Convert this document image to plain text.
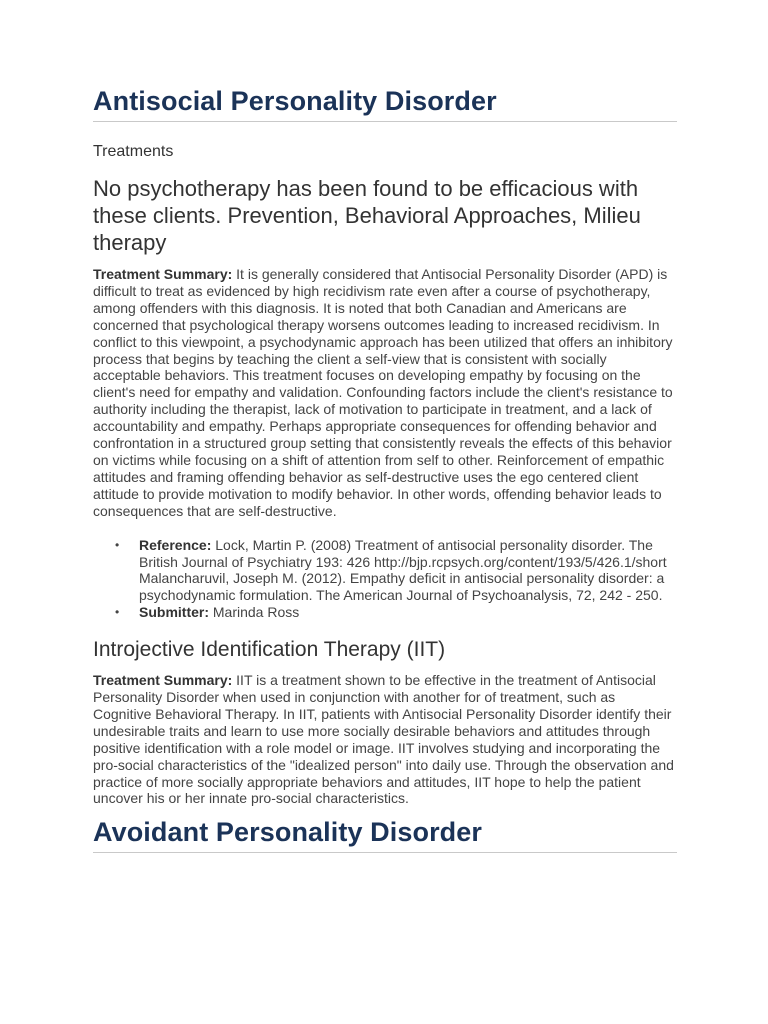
Antisocial Personality Disorder
Treatments
No psychotherapy has been found to be efficacious with these clients. Prevention, Behavioral Approaches, Milieu therapy

Treatment Summary: It is generally considered that Antisocial Personality Disorder (APD) is difficult to treat as evidenced by high recidivism rate even after a course of psychotherapy, among offenders with this diagnosis. It is noted that both Canadian and Americans are concerned that psychological therapy worsens outcomes leading to increased recidivism. In conflict to this viewpoint, a psychodynamic approach has been utilized that offers an inhibitory process that begins by teaching the client a self-view that is consistent with socially acceptable behaviors. This treatment focuses on developing empathy by focusing on the client's need for empathy and validation. Confounding factors include the client's resistance to authority including the therapist, lack of motivation to participate in treatment, and a lack of accountability and empathy. Perhaps appropriate consequences for offending behavior and confrontation in a structured group setting that consistently reveals the effects of this behavior on victims while focusing on a shift of attention from self to other. Reinforcement of empathic attitudes and framing offending behavior as self-destructive uses the ego centered client attitude to provide motivation to modify behavior. In other words, offending behavior leads to consequences that are self-destructive.

• Reference: Lock, Martin P. (2008) Treatment of antisocial personality disorder. The British Journal of Psychiatry 193: 426 http://bjp.rcpsych.org/content/193/5/426.1/short Malancharuvil, Joseph M. (2012). Empathy deficit in antisocial personality disorder: a psychodynamic formulation. The American Journal of Psychoanalysis, 72, 242 - 250.
• Submitter: Marinda Ross
Introjective Identification Therapy (IIT)

Treatment Summary: IIT is a treatment shown to be effective in the treatment of Antisocial Personality Disorder when used in conjunction with another for of treatment, such as Cognitive Behavioral Therapy. In IIT, patients with Antisocial Personality Disorder identify their undesirable traits and learn to use more socially desirable behaviors and attitudes through positive identification with a role model or image. IIT involves studying and incorporating the pro-social characteristics of the "idealized person" into daily use. Through the observation and practice of more socially appropriate behaviors and attitudes, IIT hope to help the patient uncover his or her innate pro-social characteristics.

Avoidant Personality Disorder
